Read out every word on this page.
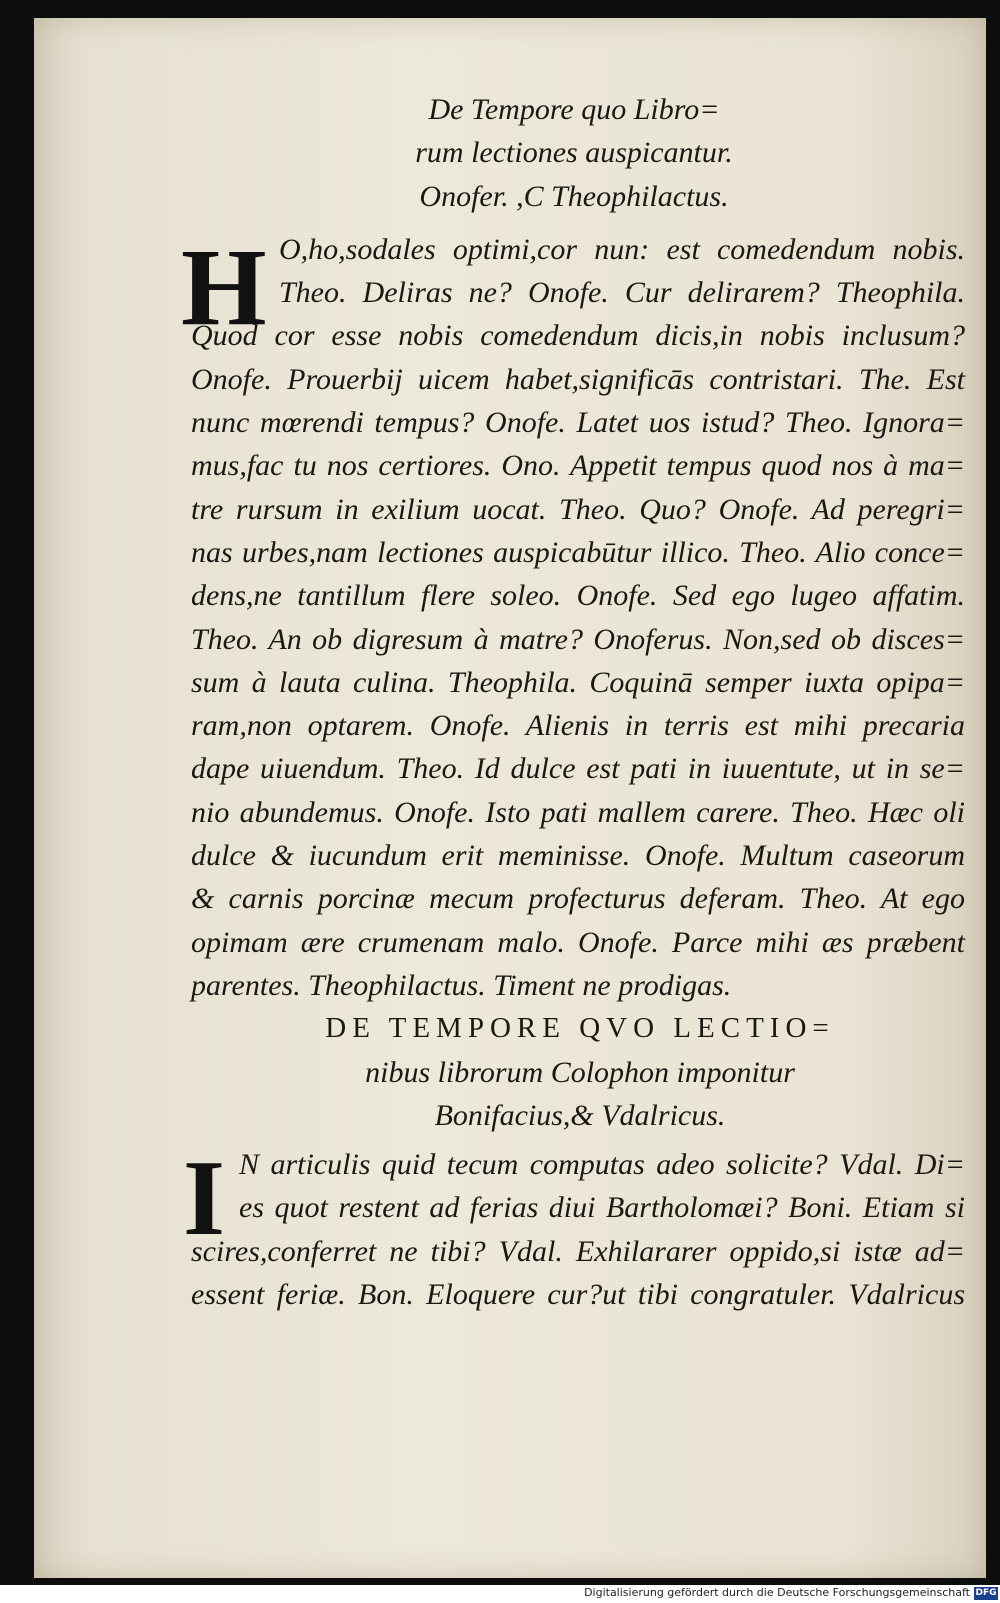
De Tempore quo Libro=
rum lectiones auspicantur.
Onofer. ,C Theophilactus.
H O,ho,sodales optimi,cor nun: est comedendum nobis.
Theo. Deliras ne? Onofe. Cur delirarem? Theophila.
Quod cor esse nobis comedendum dicis,in nobis inclusum?
Onofe. Prouerbij uicem habet,significās contristari. The. Est
nunc mœrendi tempus? Onofe. Latet uos istud? Theo. Ignora=
mus,fac tu nos certiores. Ono. Appetit tempus quod nos à ma=
tre rursum in exilium uocat. Theo. Quo? Onofe. Ad peregri=
nas urbes,nam lectiones auspicabūtur illico. Theo. Alio conce=
dens,ne tantillum flere soleo. Onofe. Sed ego lugeo affatim.
Theo. An ob digresum à matre? Onoferus. Non,sed ob disces=
sum à lauta culina. Theophila. Coquinā semper iuxta opipa=
ram,non optarem. Onofe. Alienis in terris est mihi precaria
dape uiuendum. Theo. Id dulce est pati in iuuentute, ut in se=
nio abundemus. Onofe. Isto pati mallem carere. Theo. Hæc oli
dulce & iucundum erit meminisse. Onofe. Multum caseorum
& carnis porcinæ mecum profecturus deferam. Theo. At ego
opimam ære crumenam malo. Onofe. Parce mihi æs præbent
parentes. Theophilactus. Timent ne prodigas.
DE TEMPORE QVO LECTIO=
nibus librorum Colophon imponitur
Bonifacius,& Vdalricus.
I N articulis quid tecum computas adeo solicite? Vdal. Di=
es quot restent ad ferias diui Bartholomæi? Boni. Etiam si
scires,conferret ne tibi? Vdal. Exhilararer oppido,si istæ ad=
essent feriæ. Bon. Eloquere cur?ut tibi congratuler. Vdalricus
Digitalisierung gefördert durch die Deutsche Forschungsgemeinschaft DFG
